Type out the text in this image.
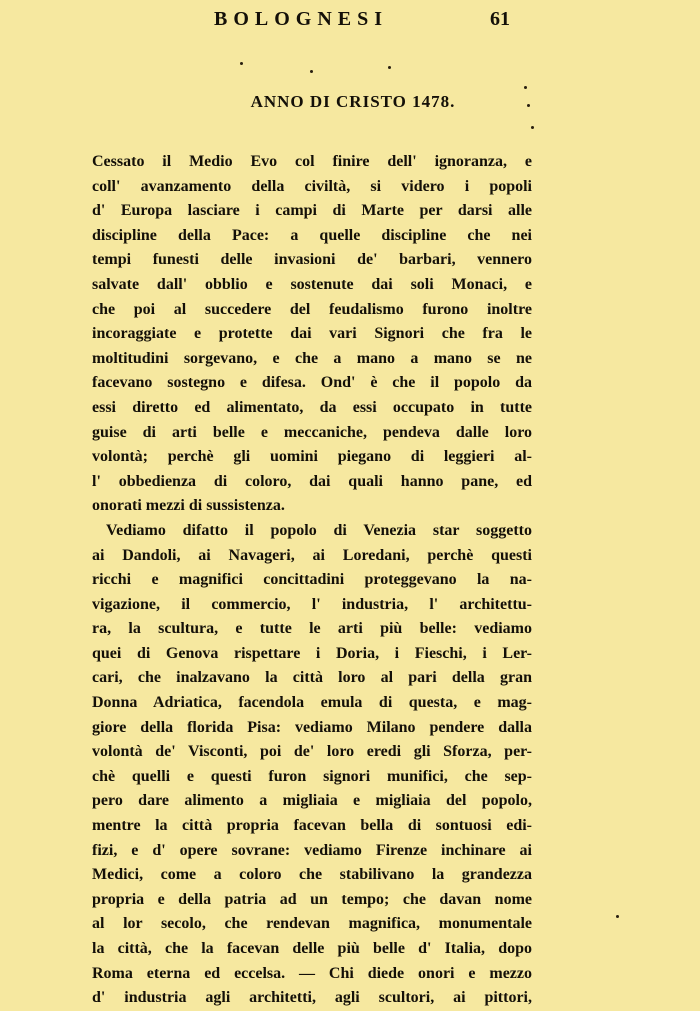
BOLOGNESI	61
ANNO DI CRISTO 1478.
Cessato il Medio Evo col finire dell' ignoranza, e
coll' avanzamento della civiltà, si videro i popoli
d' Europa lasciare i campi di Marte per darsi alle
discipline della Pace: a quelle discipline che nei
tempi funesti delle invasioni de' barbari, vennero
salvate dall' obblio e sostenute dai soli Monaci, e
che poi al succedere del feudalismo furono inoltre
incoraggiate e protette dai vari Signori che fra le
moltitudini sorgevano, e che a mano a mano se ne
facevano sostegno e difesa. Ond' è che il popolo da
essi diretto ed alimentato, da essi occupato in tutte
guise di arti belle e meccaniche, pendeva dalle loro
volontà; perchè gli uomini piegano di leggieri al-
l' obbedienza di coloro, dai quali hanno pane, ed
onorati mezzi di sussistenza.
Vediamo difatto il popolo di Venezia star soggetto
ai Dandoli, ai Navageri, ai Loredani, perchè questi
ricchi e magnifici concittadini proteggevano la na-
vigazione, il commercio, l' industria, l' architettu-
ra, la scultura, e tutte le arti più belle: vediamo
quei di Genova rispettare i Doria, i Fieschi, i Ler-
cari, che inalzavano la città loro al pari della gran
Donna Adriatica, facendola emula di questa, e mag-
giore della florida Pisa: vediamo Milano pendere dalla
volontà de' Visconti, poi de' loro eredi gli Sforza, per-
chè quelli e questi furon signori munifici, che sep-
pero dare alimento a migliaia e migliaia del popolo,
mentre la città propria facevan bella di sontuosi edi-
fizi, e d' opere sovrane: vediamo Firenze inchinare ai
Medici, come a coloro che stabilivano la grandezza
propria e della patria ad un tempo; che davan nome
al lor secolo, che rendevan magnifica, monumentale
la città, che la facevan delle più belle d' Italia, dopo
Roma eterna ed eccelsa. — Chi diede onori e mezzo
d' industria agli architetti, agli scultori, ai pittori,
